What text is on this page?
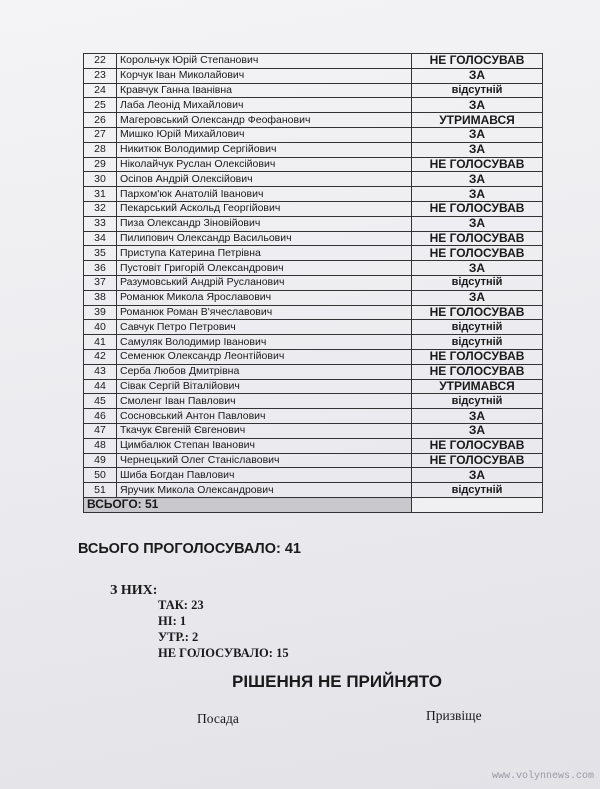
22	Корольчук Юрій Степанович	НЕ ГОЛОСУВАВ
23	Корчук Іван Миколайович	ЗА
24	Кравчук Ганна Іванівна	відсутній
25	Лаба Леонід Михайлович	ЗА
26	Магеровський Олександр Феофанович	УТРИМАВСЯ
27	Мишко Юрій Михайлович	ЗА
28	Никитюк Володимир Сергійович	ЗА
29	Ніколайчук Руслан Олексійович	НЕ ГОЛОСУВАВ
30	Осіпов Андрій Олексійович	ЗА
31	Пархом'юк Анатолій Іванович	ЗА
32	Пекарський Аскольд Георгійович	НЕ ГОЛОСУВАВ
33	Пиза Олександр Зіновійович	ЗА
34	Пилипович Олександр Васильович	НЕ ГОЛОСУВАВ
35	Приступа Катерина Петрівна	НЕ ГОЛОСУВАВ
36	Пустовіт Григорій Олександрович	ЗА
37	Разумовський Андрій Русланович	відсутній
38	Романюк Микола Ярославович	ЗА
39	Романюк Роман В'ячеславович	НЕ ГОЛОСУВАВ
40	Савчук Петро Петрович	відсутній
41	Самуляк Володимир Іванович	відсутній
42	Семенюк Олександр Леонтійович	НЕ ГОЛОСУВАВ
43	Серба Любов Дмитрівна	НЕ ГОЛОСУВАВ
44	Сівак Сергій Віталійович	УТРИМАВСЯ
45	Смоленг Іван Павлович	відсутній
46	Сосновський Антон Павлович	ЗА
47	Ткачук Євгеній Євгенович	ЗА
48	Цимбалюк Степан Іванович	НЕ ГОЛОСУВАВ
49	Чернецький Олег Станіславович	НЕ ГОЛОСУВАВ
50	Шиба Богдан Павлович	ЗА
51	Яручик Микола Олександрович	відсутній
ВСЬОГО: 51		
ВСЬОГО ПРОГОЛОСУВАЛО: 41
З НИХ:
ТАК: 23
НІ: 1
УТР.: 2
НЕ ГОЛОСУВАЛО: 15
РІШЕННЯ НЕ ПРИЙНЯТО
Посада	Призвіще
www.volynnews.com
